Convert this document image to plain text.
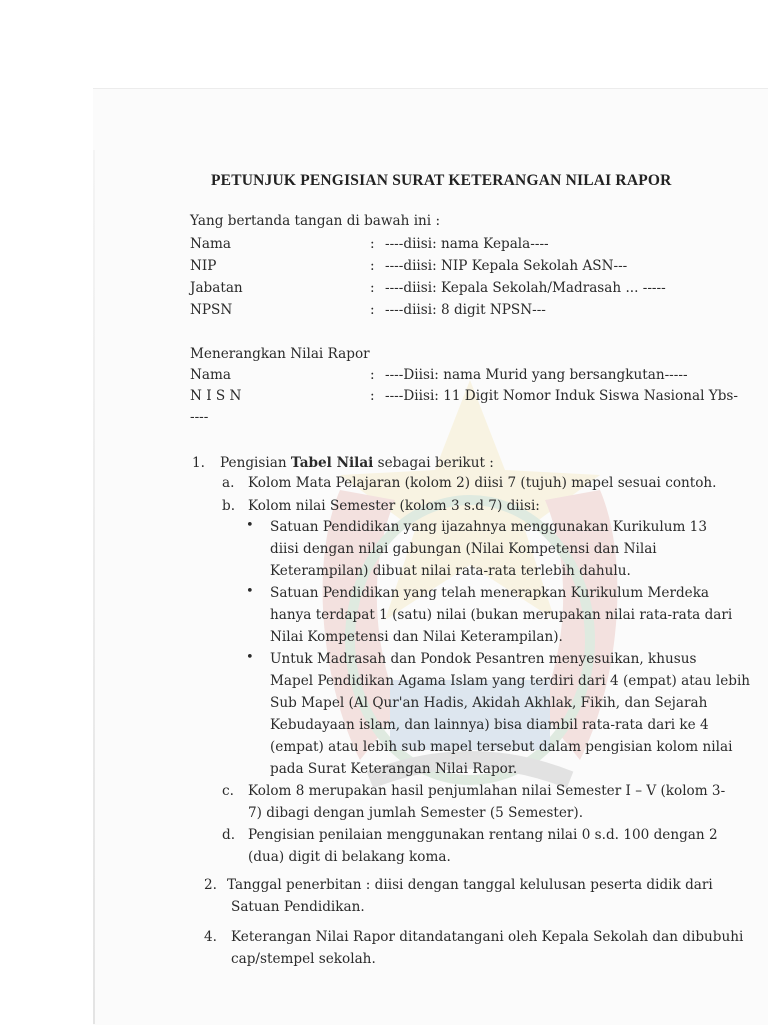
PETUNJUK PENGISIAN SURAT KETERANGAN NILAI RAPOR
Yang bertanda tangan di bawah ini :
Nama	: ----diisi: nama Kepala----
NIP	: ----diisi: NIP Kepala Sekolah ASN---
Jabatan	: ----diisi: Kepala Sekolah/Madrasah ... -----
NPSN	: ----diisi: 8 digit NPSN---
Menerangkan Nilai Rapor
Nama	: ----Diisi: nama Murid yang bersangkutan-----
N I S N	: ----Diisi: 11 Digit Nomor Induk Siswa Nasional Ybs-
----
1. Pengisian Tabel Nilai sebagai berikut :
a. Kolom Mata Pelajaran (kolom 2) diisi 7 (tujuh) mapel sesuai contoh.
b. Kolom nilai Semester (kolom 3 s.d 7) diisi:
• Satuan Pendidikan yang ijazahnya menggunakan Kurikulum 13
diisi dengan nilai gabungan (Nilai Kompetensi dan Nilai
Keterampilan) dibuat nilai rata-rata terlebih dahulu.
• Satuan Pendidikan yang telah menerapkan Kurikulum Merdeka
hanya terdapat 1 (satu) nilai (bukan merupakan nilai rata-rata dari
Nilai Kompetensi dan Nilai Keterampilan).
• Untuk Madrasah dan Pondok Pesantren menyesuikan, khusus
Mapel Pendidikan Agama Islam yang terdiri dari 4 (empat) atau lebih
Sub Mapel (Al Qur'an Hadis, Akidah Akhlak, Fikih, dan Sejarah
Kebudayaan islam, dan lainnya) bisa diambil rata-rata dari ke 4
(empat) atau lebih sub mapel tersebut dalam pengisian kolom nilai
pada Surat Keterangan Nilai Rapor.
c. Kolom 8 merupakan hasil penjumlahan nilai Semester I – V (kolom 3-
7) dibagi dengan jumlah Semester (5 Semester).
d. Pengisian penilaian menggunakan rentang nilai 0 s.d. 100 dengan 2
(dua) digit di belakang koma.
2. Tanggal penerbitan : diisi dengan tanggal kelulusan peserta didik dari
Satuan Pendidikan.
4. Keterangan Nilai Rapor ditandatangani oleh Kepala Sekolah dan dibubuhi
cap/stempel sekolah.
